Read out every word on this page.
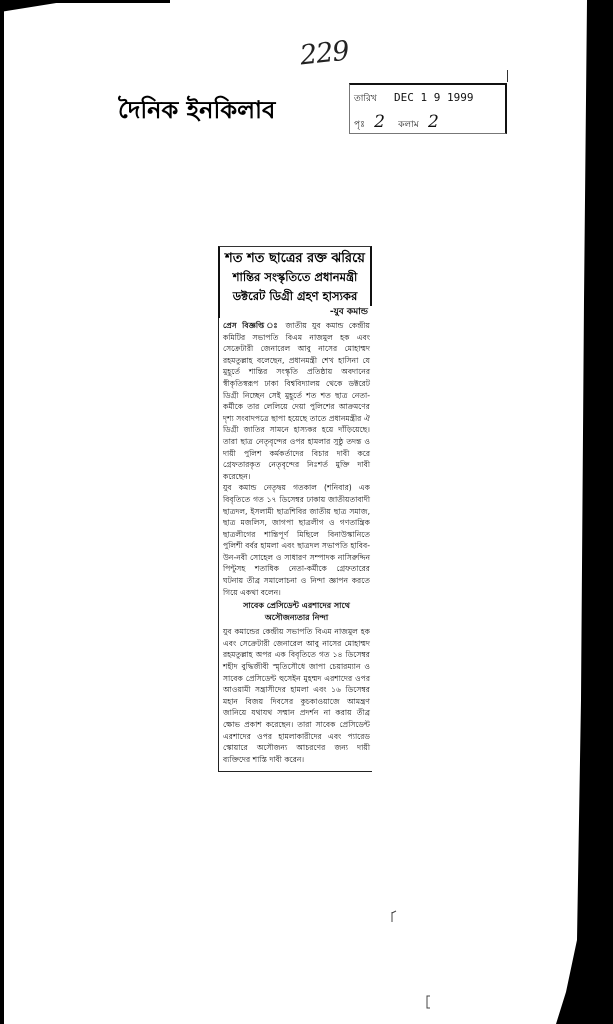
229
দৈনিক ইনকিলাব	তারিখ DEC 1 9 1999
পৃঃ 2 কলাম 2
শত শত ছাত্রের রক্ত ঝরিয়ে
শান্তির সংস্কৃতিতে প্রধানমন্ত্রী
ডক্টরেট ডিগ্রী গ্রহণ হাস্যকর
-যুব কমান্ড

প্রেস বিজ্ঞপ্তি ঃ জাতীয় যুব কমান্ড কেন্দ্রীয় কমিটির সভাপতি বিএম নাজমুল হক এবং সেক্রেটারী জেনারেল আবু নাসের মোহাম্মদ রহমতুল্লাহ বলেছেন, প্রধানমন্ত্রী শেখ হাসিনা যে মুহূর্তে শান্তির সংস্কৃতি প্রতিষ্ঠায় অবদানের স্বীকৃতিস্বরূপ ঢাকা বিশ্ববিদ্যালয় থেকে ডক্টরেট ডিগ্রী নিচ্ছেন সেই মুহূর্তে শত শত ছাত্র নেতা-কর্মীকে তার লেলিয়ে দেয়া পুলিশের আক্রমণের দৃশ্য সংবাদপত্রে ছাপা হয়েছে তাতে প্রধানমন্ত্রীর ঐ ডিগ্রী জাতির সামনে হাস্যকর হয়ে দাঁড়িয়েছে। তারা ছাত্র নেতৃবৃন্দের ওপর হামলার সুষ্ঠু তদন্ত ও দায়ী পুলিশ কর্মকর্তাদের বিচার দাবী করে গ্রেফতারকৃত নেতৃবৃন্দের নিঃশর্ত মুক্তি দাবী করেছেন।

যুব কমান্ড নেতৃদ্বয় গতকাল (শনিবার) এক বিবৃতিতে গত ১৭ ডিসেম্বর ঢাকায় জাতীয়তাবাদী ছাত্রদল, ইসলামী ছাত্রশিবির জাতীয় ছাত্র সমাজ, ছাত্র মজলিস, জাগপা ছাত্রলীগ ও গণতান্ত্রিক ছাত্রলীগের শান্তিপূর্ণ মিছিলে বিনাউস্কানিতে পুলিশী বর্বর হামলা এবং ছাত্রদল সভাপতি হাবিব-উন-নবী সোহেল ও সাধারণ সম্পাদক নাসিরুদ্দিন পিন্টুসহ শতাধিক নেতা-কর্মীকে গ্রেফতারের ঘটনায় তীব্র সমালোচনা ও নিন্দা জ্ঞাপন করতে গিয়ে একথা বলেন।

সাবেক প্রেসিডেন্ট এরশাদের সাথে
অসৌজন্যতার নিন্দা

যুব কমান্ডের কেন্দ্রীয় সভাপতি বিএম নাজমুল হক এবং সেক্রেটারী জেনারেল আবু নাসের মোহাম্মদ রহমতুল্লাহ অপর এক বিবৃতিতে গত ১৪ ডিসেম্বর শহীদ বুদ্ধিজীবী স্মৃতিসৌধে জাপা চেয়ারম্যান ও সাবেক প্রেসিডেন্ট হুসেইন মুহম্মদ এরশাদের ওপর আওয়ামী সন্ত্রাসীদের হামলা এবং ১৬ ডিসেম্বর মহান বিজয় দিবসের কুচকাওয়াজে আমন্ত্রণ জানিয়ে যথাযথ সম্মান প্রদর্শন না করায় তীব্র ক্ষোভ প্রকাশ করেছেন। তারা সাবেক প্রেসিডেন্ট এরশাদের ওপর হামলাকারীদের এবং প্যারেড স্কোয়ারে অসৌজন্য আচরণের জন্য দায়ী ব্যক্তিদের শাস্তি দাবী করেন।
